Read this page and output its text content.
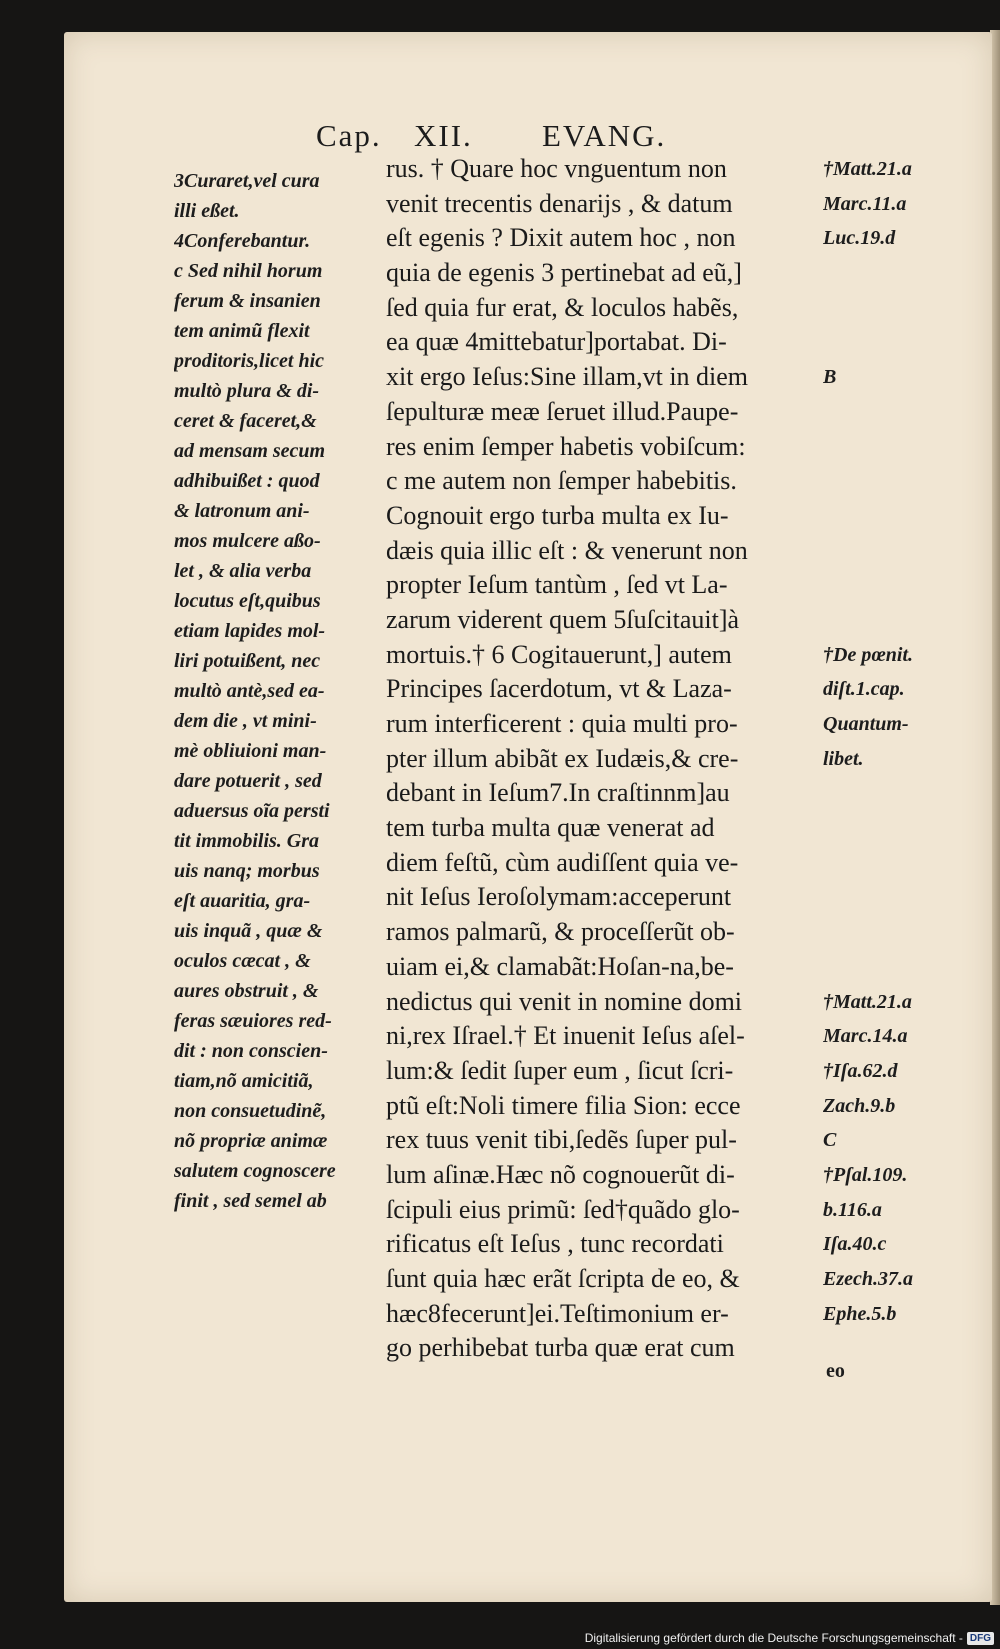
Cap. XII. EVANG.
3Curaret,vel cura
illi eßet.
4Conferebantur.
c Sed nihil horum
ferum & insanien
tem animũ flexit
proditoris,licet hic
multò plura & di-
ceret & faceret,&
ad mensam secum
adhibuißet : quod
& latronum ani-
mos mulcere aßo-
let , & alia verba
locutus eſt,quibus
etiam lapides mol-
liri potuißent, nec
multò antè,sed ea-
dem die , vt mini-
mè obliuioni man-
dare potuerit , sed
aduersus oĩa persti
tit immobilis. Gra
uis nanq; morbus
eſt auaritia, gra-
uis inquã , quæ &
oculos cæcat , &
aures obstruit , &
feras sæuiores red-
dit : non conscien-
tiam,nõ amicitiã,
non consuetudinẽ,
nõ propriæ animæ
salutem cognoscere
finit , sed semel ab
rus. † Quare hoc vnguentum non
venit trecentis denarijs , & datum
eſt egenis ? Dixit autem hoc , non
quia de egenis 3 pertinebat ad eũ,]
ſed quia fur erat, & loculos habẽs,
ea quæ 4mittebatur]portabat. Di-
xit ergo Ieſus:Sine illam,vt in diem
ſepulturæ meæ ſeruet illud.Paupe-
res enim ſemper habetis vobiſcum:
c me autem non ſemper habebitis.
Cognouit ergo turba multa ex Iu-
dæis quia illic eſt : & venerunt non
propter Ieſum tantùm , ſed vt La-
zarum viderent quem 5ſuſcitauit]à
mortuis.† 6 Cogitauerunt,] autem
Principes ſacerdotum, vt & Laza-
rum interficerent : quia multi pro-
pter illum abibãt ex Iudæis,& cre-
debant in Ieſum7.In craſtinnm]au
tem turba multa quæ venerat ad
diem feſtũ, cùm audiſſent quia ve-
nit Ieſus Ieroſolymam:acceperunt
ramos palmarũ, & proceſſerũt ob-
uiam ei,& clamabãt:Hoſan-na,be-
nedictus qui venit in nomine domi
ni,rex Iſrael.† Et inuenit Ieſus aſel-
lum:& ſedit ſuper eum , ſicut ſcri-
ptũ eſt:Noli timere filia Sion: ecce
rex tuus venit tibi,ſedẽs ſuper pul-
lum aſinæ.Hæc nõ cognouerũt di-
ſcipuli eius primũ: ſed†quãdo glo-
rificatus eſt Ieſus , tunc recordati
ſunt quia hæc erãt ſcripta de eo, &
hæc8fecerunt]ei.Teſtimonium er-
go perhibebat turba quæ erat cum
†Matt.21.a
Marc.11.a
Luc.19.d
B
†De pœnit.
diſt.1.cap.
Quantum-
libet.
†Matt.21.a
Marc.14.a
†Iſa.62.d
Zach.9.b
C
†Pſal.109.
b.116.a
Iſa.40.c
Ezech.37.a
Ephe.5.b
eo
Digitalisierung gefördert durch die Deutsche Forschungsgemeinschaft - DFG
